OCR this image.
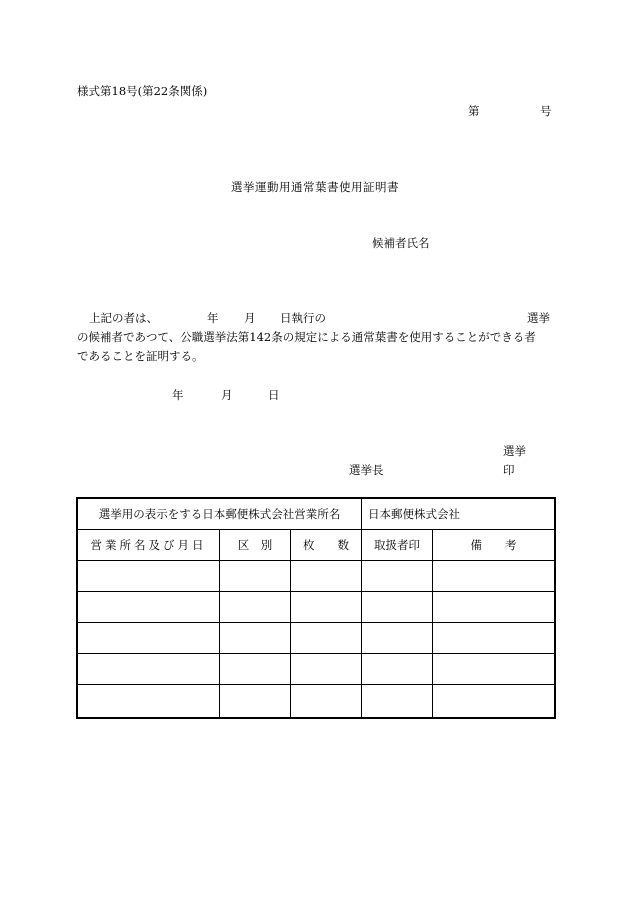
様式第18号(第22条関係)
第	号
選挙運動用通常葉書使用証明書
候補者氏名
上記の者は、	年 月 日執行の	選挙
の候補者であつて、公職選挙法第142条の規定による通常葉書を使用することができる者
であることを証明する。
年	月	日
選挙
選挙長	印
選挙用の表示をする日本郵便株式会社営業所名 日本郵便株式会社
営業所名及び月日	区　別	枚　　数 取扱者印	備　　考
